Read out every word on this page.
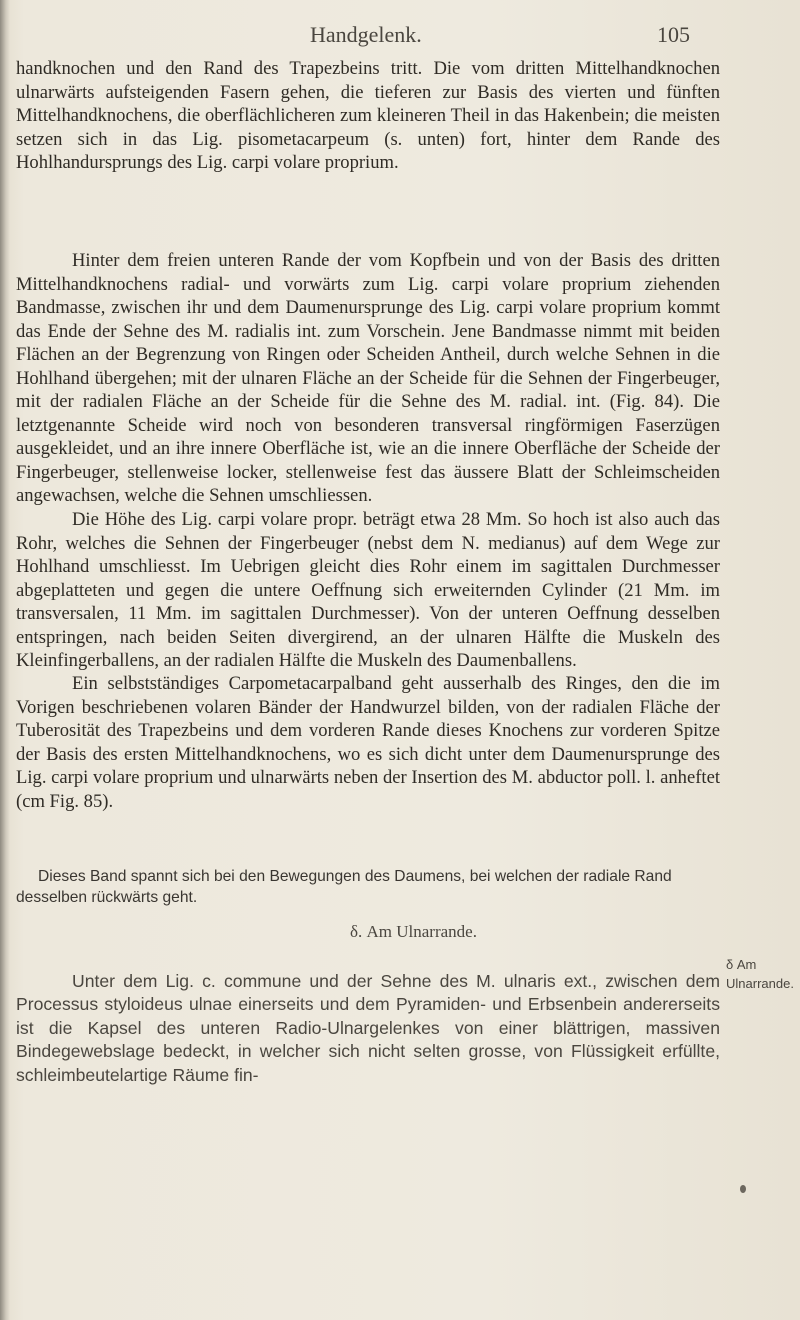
Handgelenk.	105

handknochen und den Rand des Trapezbeins tritt. Die vom dritten Mittelhandknochen ulnarwärts aufsteigenden Fasern gehen, die tieferen zur Basis des vierten und fünften Mittelhandknochens, die oberflächlicheren zum kleineren Theil in das Hakenbein; die meisten setzen sich in das Lig. pisometacarpeum (s. unten) fort, hinter dem Rande des Hohlhandursprungs des Lig. carpi volare proprium.

Hinter dem freien unteren Rande der vom Kopfbein und von der Basis des dritten Mittelhandknochens radial- und vorwärts zum Lig. carpi volare proprium ziehenden Bandmasse, zwischen ihr und dem Daumenursprunge des Lig. carpi volare proprium kommt das Ende der Sehne des M. radialis int. zum Vorschein. Jene Bandmasse nimmt mit beiden Flächen an der Begrenzung von Ringen oder Scheiden Antheil, durch welche Sehnen in die Hohlhand übergehen; mit der ulnaren Fläche an der Scheide für die Sehnen der Fingerbeuger, mit der radialen Fläche an der Scheide für die Sehne des M. radial. int. (Fig. 84). Die letztgenannte Scheide wird noch von besonderen transversal ringförmigen Faserzügen ausgekleidet, und an ihre innere Oberfläche ist, wie an die innere Oberfläche der Scheide der Fingerbeuger, stellenweise locker, stellenweise fest das äussere Blatt der Schleimscheiden angewachsen, welche die Sehnen umschliessen.

Die Höhe des Lig. carpi volare propr. beträgt etwa 28 Mm. So hoch ist also auch das Rohr, welches die Sehnen der Fingerbeuger (nebst dem N. medianus) auf dem Wege zur Hohlhand umschliesst. Im Uebrigen gleicht dies Rohr einem im sagittalen Durchmesser abgeplatteten und gegen die untere Oeffnung sich erweiternden Cylinder (21 Mm. im transversalen, 11 Mm. im sagittalen Durchmesser). Von der unteren Oeffnung desselben entspringen, nach beiden Seiten divergirend, an der ulnaren Hälfte die Muskeln des Kleinfingerballens, an der radialen Hälfte die Muskeln des Daumenballens.

Ein selbstständiges Carpometacarpalband geht ausserhalb des Ringes, den die im Vorigen beschriebenen volaren Bänder der Handwurzel bilden, von der radialen Fläche der Tuberosität des Trapezbeins und dem vorderen Rande dieses Knochens zur vorderen Spitze der Basis des ersten Mittelhandknochens, wo es sich dicht unter dem Daumenursprunge des Lig. carpi volare proprium und ulnarwärts neben der Insertion des M. abductor poll. l. anheftet (cm Fig. 85).

Dieses Band spannt sich bei den Bewegungen des Daumens, bei welchen der radiale Rand desselben rückwärts geht.
δ. Am Ulnarrande.

Unter dem Lig. c. commune und der Sehne des M. ulnaris ext., zwischen dem Processus styloideus ulnae einerseits und dem Pyramiden- und Erbsenbein andererseits ist die Kapsel des unteren Radio-Ulnargelenkes von einer blättrigen, massiven Bindegewebslage bedeckt, in welcher sich nicht selten grosse, von Flüssigkeit erfüllte, schleimbeutelartige Räume fin-

δ Am Ulnarrande.
